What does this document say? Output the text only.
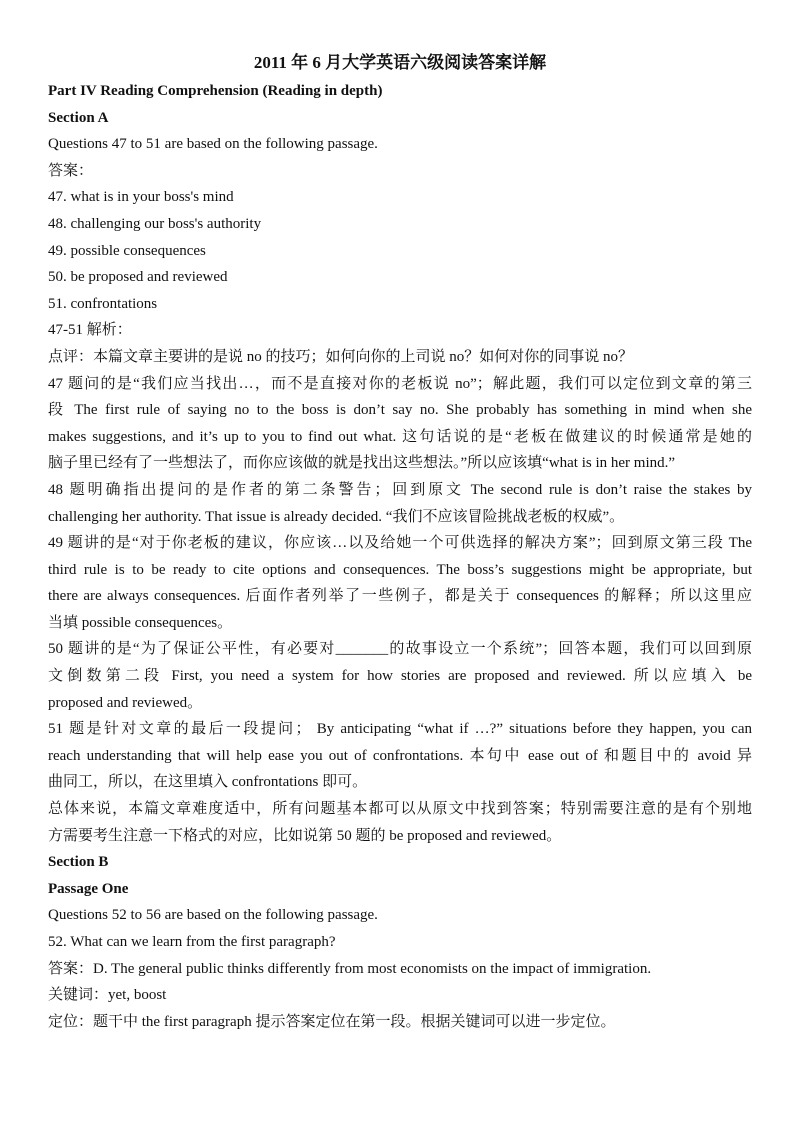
2011 年 6 月大学英语六级阅读答案详解
Part IV Reading Comprehension (Reading in depth)
Section A
Questions 47 to 51 are based on the following passage.
答案：
47. what is in your boss's mind
48. challenging our boss's authority
49. possible consequences
50. be proposed and reviewed
51. confrontations
47-51 解析：
点评：本篇文章主要讲的是说 no 的技巧；如何向你的上司说 no？如何对你的同事说 no？
47 题问的是“我们应当找出…，而不是直接对你的老板说 no”；解此题，我们可以定位到文章的第三
段 The first rule of saying no to the boss is don’t say no. She probably has something in mind when she
makes suggestions, and it’s up to you to find out what. 这句话说的是“老板在做建议的时候通常是她的
脑子里已经有了一些想法了，而你应该做的就是找出这些想法。”所以应该填“what is in her mind.”
48 题明确指出提问的是作者的第二条警告；回到原文 The second rule is don’t raise the stakes by
challenging her authority. That issue is already decided. “我们不应该冒险挑战老板的权威”。
49 题讲的是“对于你老板的建议，你应该…以及给她一个可供选择的解决方案”；回到原文第三段 The
third rule is to be ready to cite options and consequences. The boss’s suggestions might be appropriate, but
there are always consequences. 后面作者列举了一些例子，都是关于 consequences 的解释；所以这里应
当填 possible consequences。
50 题讲的是“为了保证公平性，有必要对_______的故事设立一个系统”；回答本题，我们可以回到原
文倒数第二段 First, you need a system for how stories are proposed and reviewed. 所以应填入 be
proposed and reviewed。
51 题是针对文章的最后一段提问； By anticipating “what if …?” situations before they happen, you can
reach understanding that will help ease you out of confrontations. 本句中 ease out of 和题目中的 avoid 异
曲同工，所以，在这里填入 confrontations 即可。
总体来说，本篇文章难度适中，所有问题基本都可以从原文中找到答案；特别需要注意的是有个别地
方需要考生注意一下格式的对应，比如说第 50 题的 be proposed and reviewed。
Section B
Passage One
Questions 52 to 56 are based on the following passage.
52. What can we learn from the first paragraph?
答案：D. The general public thinks differently from most economists on the impact of immigration.
关键词：yet, boost
定位：题干中 the first paragraph 提示答案定位在第一段。根据关键词可以进一步定位。
